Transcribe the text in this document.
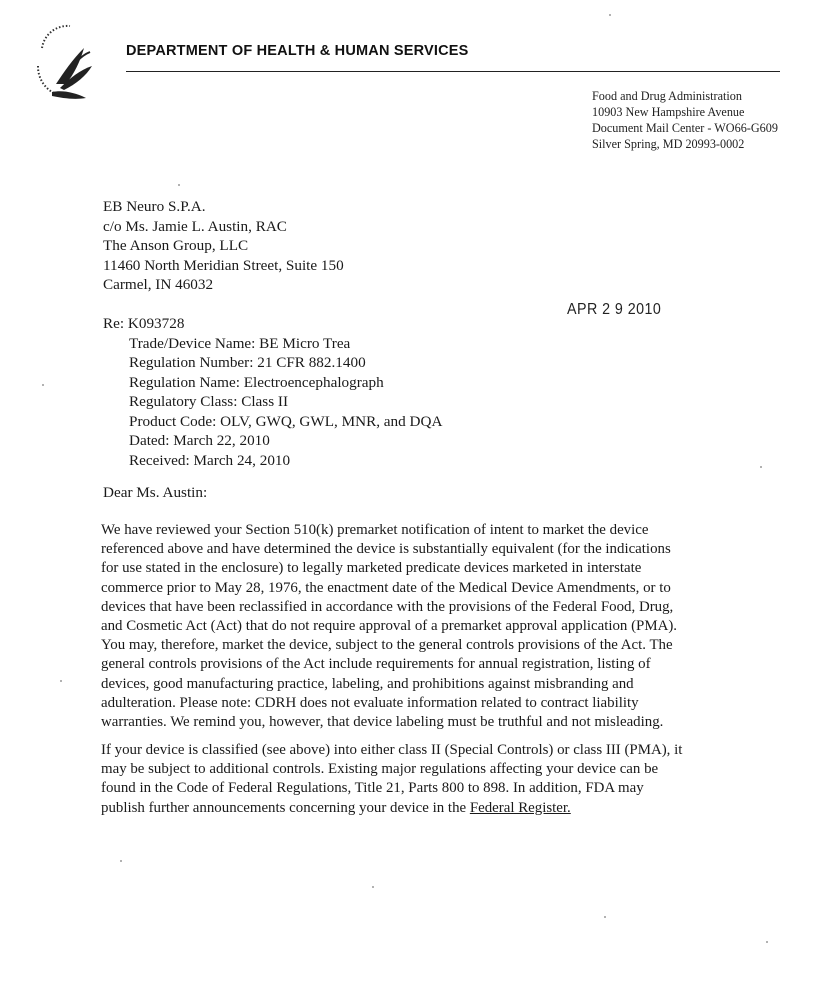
DEPARTMENT OF HEALTH & HUMAN SERVICES
Food and Drug Administration
10903 New Hampshire Avenue
Document Mail Center - WO66-G609
Silver Spring, MD 20993-0002
EB Neuro S.P.A.
c/o Ms. Jamie L. Austin, RAC
The Anson Group, LLC
11460 North Meridian Street, Suite 150
Carmel, IN 46032
APR 2 9 2010
Re: K093728
Trade/Device Name: BE Micro Trea
Regulation Number: 21 CFR 882.1400
Regulation Name: Electroencephalograph
Regulatory Class: Class II
Product Code: OLV, GWQ, GWL, MNR, and DQA
Dated: March 22, 2010
Received: March 24, 2010
Dear Ms. Austin:

We have reviewed your Section 510(k) premarket notification of intent to market the device
referenced above and have determined the device is substantially equivalent (for the indications
for use stated in the enclosure) to legally marketed predicate devices marketed in interstate
commerce prior to May 28, 1976, the enactment date of the Medical Device Amendments, or to
devices that have been reclassified in accordance with the provisions of the Federal Food, Drug,
and Cosmetic Act (Act) that do not require approval of a premarket approval application (PMA).
You may, therefore, market the device, subject to the general controls provisions of the Act. The
general controls provisions of the Act include requirements for annual registration, listing of
devices, good manufacturing practice, labeling, and prohibitions against misbranding and
adulteration. Please note: CDRH does not evaluate information related to contract liability
warranties. We remind you, however, that device labeling must be truthful and not misleading.

If your device is classified (see above) into either class II (Special Controls) or class III (PMA), it
may be subject to additional controls. Existing major regulations affecting your device can be
found in the Code of Federal Regulations, Title 21, Parts 800 to 898. In addition, FDA may
publish further announcements concerning your device in the Federal Register.
